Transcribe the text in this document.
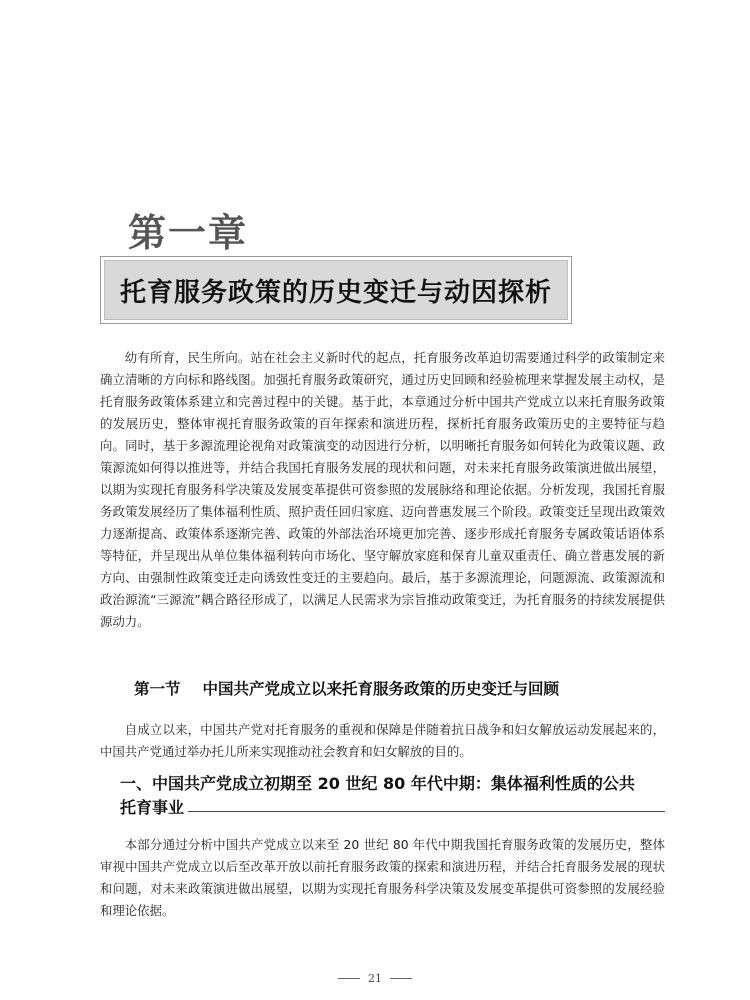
第一章
托育服务政策的历史变迁与动因探析

幼有所育，民生所向。站在社会主义新时代的起点，托育服务改革迫切需要通过科学的政策制定来确立清晰的方向标和路线图。加强托育服务政策研究，通过历史回顾和经验梳理来掌握发展主动权，是托育服务政策体系建立和完善过程中的关键。基于此，本章通过分析中国共产党成立以来托育服务政策的发展历史，整体审视托育服务政策的百年探索和演进历程，探析托育服务政策历史的主要特征与趋向。同时，基于多源流理论视角对政策演变的动因进行分析，以明晰托育服务如何转化为政策议题、政策源流如何得以推进等，并结合我国托育服务发展的现状和问题，对未来托育服务政策演进做出展望，以期为实现托育服务科学决策及发展变革提供可资参照的发展脉络和理论依据。分析发现，我国托育服务政策发展经历了集体福利性质、照护责任回归家庭、迈向普惠发展三个阶段。政策变迁呈现出政策效力逐渐提高、政策体系逐渐完善、政策的外部法治环境更加完善、逐步形成托育服务专属政策话语体系等特征，并呈现出从单位集体福利转向市场化、坚守解放家庭和保育儿童双重责任、确立普惠发展的新方向、由强制性政策变迁走向诱致性变迁的主要趋向。最后，基于多源流理论，问题源流、政策源流和政治源流“三源流”耦合路径形成了，以满足人民需求为宗旨推动政策变迁，为托育服务的持续发展提供源动力。

第一节 中国共产党成立以来托育服务政策的历史变迁与回顾

自成立以来，中国共产党对托育服务的重视和保障是伴随着抗日战争和妇女解放运动发展起来的，中国共产党通过举办托儿所来实现推动社会教育和妇女解放的目的。

一、中国共产党成立初期至 20 世纪 80 年代中期：集体福利性质的公共
托育事业

本部分通过分析中国共产党成立以来至 20 世纪 80 年代中期我国托育服务政策的发展历史，整体审视中国共产党成立以后至改革开放以前托育服务政策的探索和演进历程，并结合托育服务发展的现状和问题，对未来政策演进做出展望，以期为实现托育服务科学决策及发展变革提供可资参照的发展经验和理论依据。

21
